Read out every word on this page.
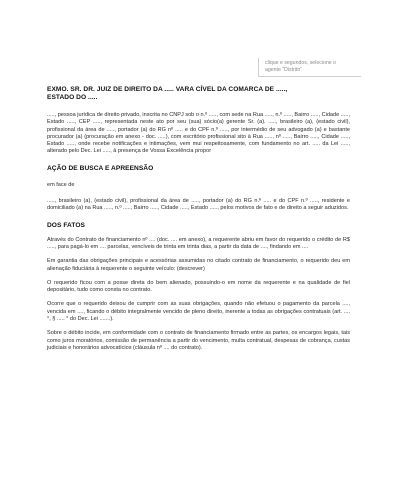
clique e segundos, selecione o
agente "Distrito"
EXMO. SR. DR. JUIZ DE DIREITO DA ..... VARA CÍVEL DA COMARCA DE .....,
ESTADO DO .....

....., pessoa jurídica de direito privado, inscrita no CNPJ sob o n.º ....., com sede na Rua ....., n.º ....., Bairro ....., Cidade ....., Estado ....., CEP ....., representada neste ato por seu (sua) sócio(a) gerente Sr. (a). ....., brasileiro (a), (estado civil), profissional da área de ....., portador (a) do RG nº ..... e do CPF n.º ....., por intermédio de seu advogado (a) e bastante procurador (a) (procuração em anexo - doc. .....), com escritório profissional sito à Rua ....., nº ....., Bairro ....., Cidade ....., Estado ....., onde recebe notificações e intimações, vem mui respeitosamente, com fundamento no art. ..... da Lei ....., alterado pelo Dec. Lei ....., à presença de Vossa Excelência propor

AÇÃO DE BUSCA E APREENSÃO

em face de

....., brasileiro (a), (estado civil), profissional da área de ....., portador (a) do RG n.º ..... e do CPF n.º ....., residente e domiciliado (a) na Rua ....., n.º ....., Bairro ....., Cidade ....., Estado ....., pelos motivos de fato e de direito a seguir aduzidos.

DOS FATOS

Através do Contrato de financiamento nº .... (doc. .... em anexo), a requerente abriu em favor do requerido o crédito de R$ ....., para pagá-lo em .... parcelas, vencíveis de trinta em trinta dias, a partir da data de ...., findando em ....

Em garantia das obrigações principais e acessórias assumidas no citado contrato de financiamento, o requerido deu em alienação fiduciária à requerente o seguinte veículo: (descrever)

O requerido ficou com a posse direta do bem alienado, possuindo-o em nome da requerente e na qualidade de fiel depositário, tudo como consta no contrato.

Ocorre que o requerido deixou de cumprir com as suas obrigações, quando não efetuou o pagamento da parcela ...., vencida em ...., ficando o débito integralmente vencido de pleno direito, inerente a todas as obrigações contratuais (art. .... °, § ..... ° do Dec. Lei .......).

Sobre o débito incide, em conformidade com o contrato de financiamento firmado entre as partes, os encargos legais, tais como juros moratórios, comissão de permanência a partir do vencimento, multa contratual, despesas de cobrança, custas judiciais e honorários advocatícios (cláusula nº .... do contrato).
